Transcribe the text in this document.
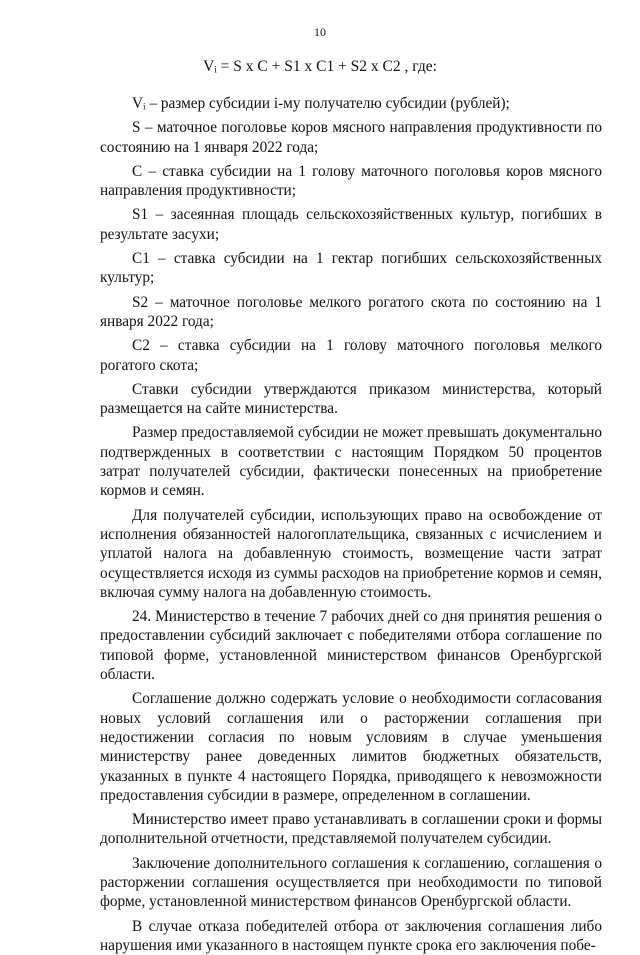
10
Vᵢ = S x C + S1 x C1 + S2 x C2 , где:

Vᵢ – размер субсидии i-му получателю субсидии (рублей);

S – маточное поголовье коров мясного направления продуктивности по состоянию на 1 января 2022 года;

C – ставка субсидии на 1 голову маточного поголовья коров мясного направления продуктивности;

S1 – засеянная площадь сельскохозяйственных культур, погибших в результате засухи;

C1 – ставка субсидии на 1 гектар погибших сельскохозяйственных культур;

S2 – маточное поголовье мелкого рогатого скота по состоянию на 1 января 2022 года;

C2 – ставка субсидии на 1 голову маточного поголовья мелкого рогатого скота;

Ставки субсидии утверждаются приказом министерства, который размещается на сайте министерства.

Размер предоставляемой субсидии не может превышать документально подтвержденных в соответствии с настоящим Порядком 50 процентов затрат получателей субсидии, фактически понесенных на приобретение кормов и семян.

Для получателей субсидии, использующих право на освобождение от исполнения обязанностей налогоплательщика, связанных с исчислением и уплатой налога на добавленную стоимость, возмещение части затрат осуществляется исходя из суммы расходов на приобретение кормов и семян, включая сумму налога на добавленную стоимость.

24. Министерство в течение 7 рабочих дней со дня принятия решения о предоставлении субсидий заключает с победителями отбора соглашение по типовой форме, установленной министерством финансов Оренбургской области.

Соглашение должно содержать условие о необходимости согласования новых условий соглашения или о расторжении соглашения при недостижении согласия по новым условиям в случае уменьшения министерству ранее доведенных лимитов бюджетных обязательств, указанных в пункте 4 настоящего Порядка, приводящего к невозможности предоставления субсидии в размере, определенном в соглашении.

Министерство имеет право устанавливать в соглашении сроки и формы дополнительной отчетности, представляемой получателем субсидии.

Заключение дополнительного соглашения к соглашению, соглашения о расторжении соглашения осуществляется при необходимости по типовой форме, установленной министерством финансов Оренбургской области.

В случае отказа победителей отбора от заключения соглашения либо нарушения ими указанного в настоящем пункте срока его заключения побе-
